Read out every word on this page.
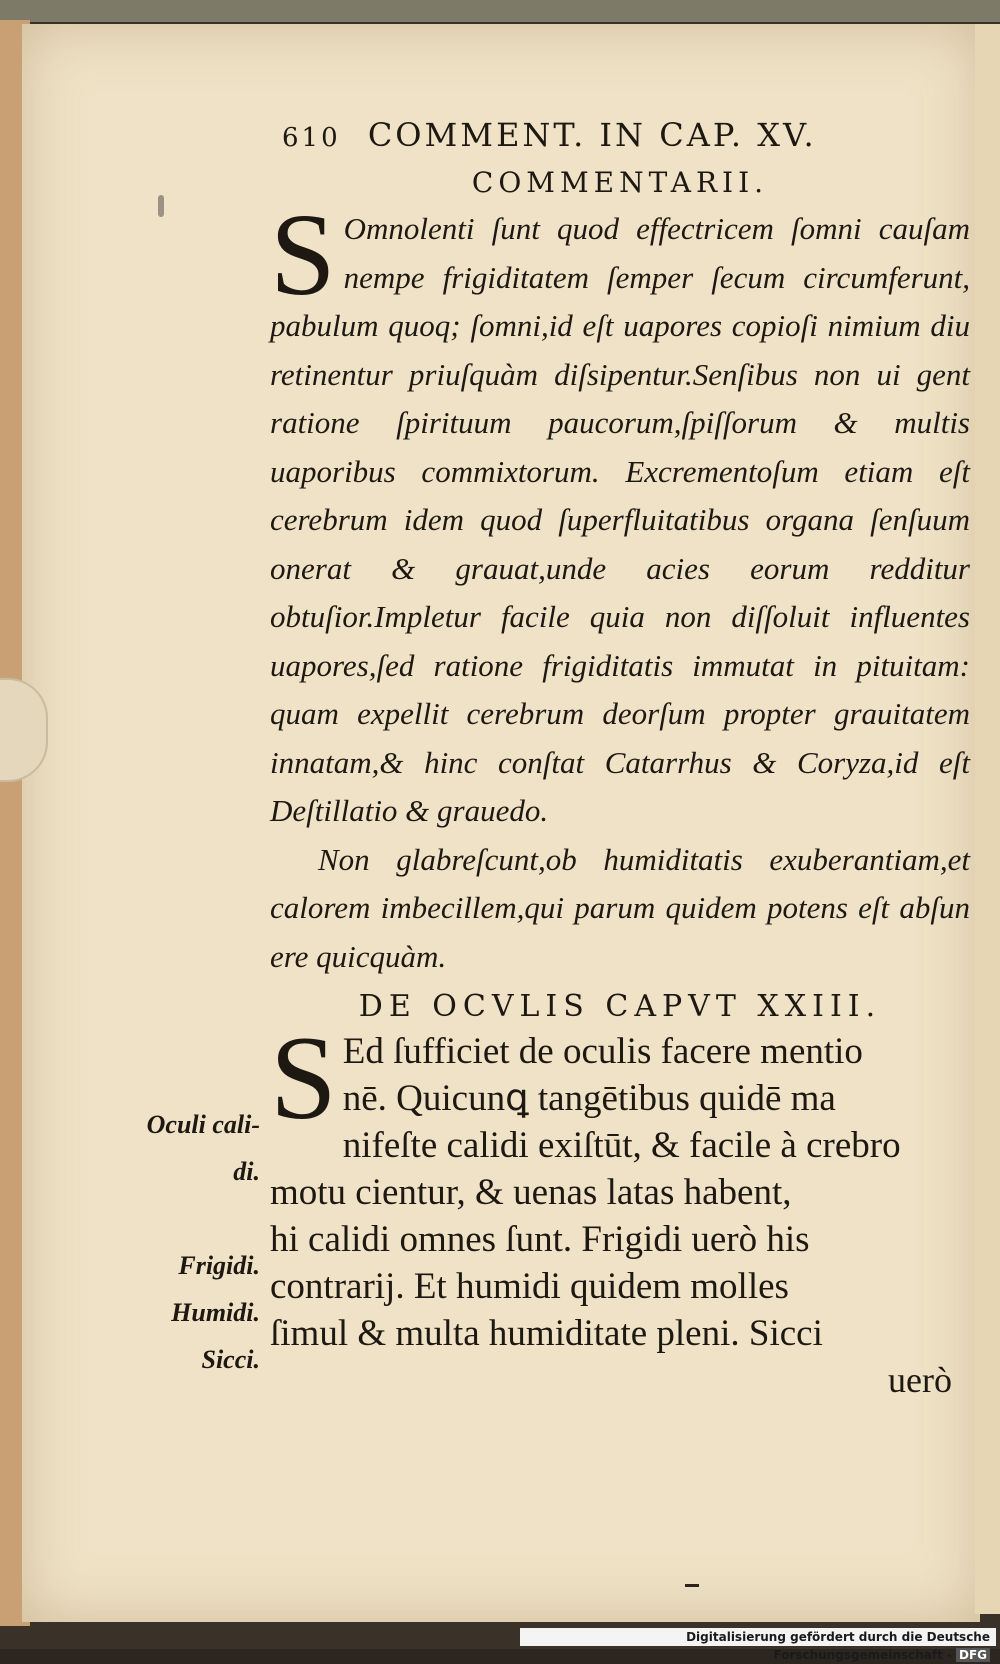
610 COMMENT. IN CAP. XV.
COMMENTARII.

S Omnolenti ſunt quod effectricem ſomni cauſam nempe frigiditatem ſemper ſecum circumferunt, pabulum quoq; ſomni,id eſt uapores copioſi nimium diu retinentur priuſquàm diſsipentur.Senſibus non ui gent ratione ſpirituum paucorum,ſpiſſorum & multis uaporibus commixtorum. Excrementoſum etiam eſt cerebrum idem quod ſuperfluitatibus organa ſenſuum onerat & grauat,unde acies eorum redditur obtuſior.Impletur facile quia non diſſoluit influentes uapores,ſed ratione frigiditatis immutat in pituitam: quam expellit cerebrum deorſum propter grauitatem innatam,& hinc conſtat Catarrhus & Coryza,id eſt Deſtillatio & grauedo.

Non glabreſcunt,ob humiditatis exuberantiam,et calorem imbecillem,qui parum quidem potens eſt abſun ere quicquàm.

DE OCVLIS CAPVT XXIII.
S Ed ſufficiet de oculis facere mentio
nē. Quicunꝗ tangētibus quidē ma
nifeſte calidi exiſtūt, & facile à crebro
motu cientur, & uenas latas habent,
hi calidi omnes ſunt. Frigidi uerò his
contrarij. Et humidi quidem molles
ſimul & multa humiditate pleni. Sicci
uerò
Oculi cali-
di.
Frigidi.
Humidi.
Sicci.
Digitalisierung gefördert durch die Deutsche Forschungsgemeinschaft - DFG
